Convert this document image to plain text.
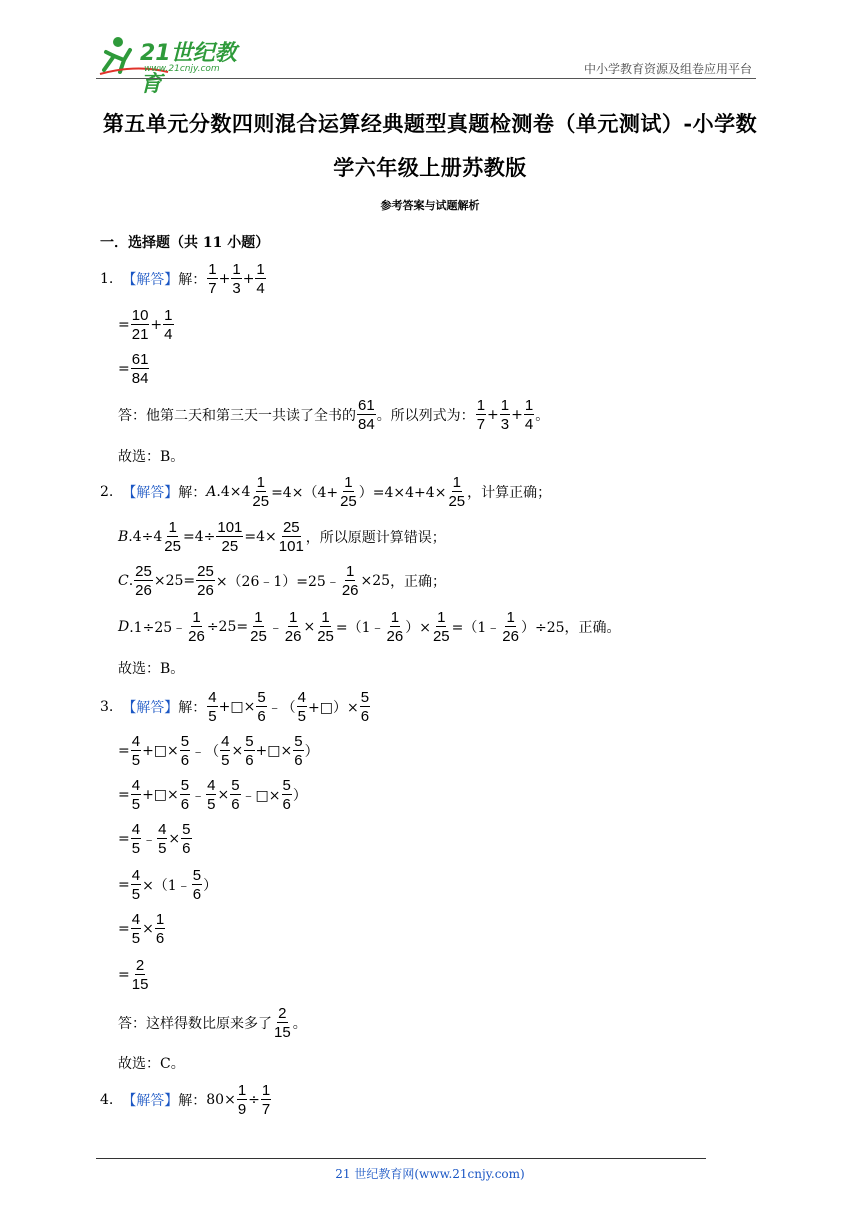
21世纪教育
www.21cnjy.com	中小学教育资源及组卷应用平台
第五单元分数四则混合运算经典题型真题检测卷（单元测试）-小学数
学六年级上册苏教版
参考答案与试题解析
一．选择题（共 11 小题）
1.
【解答】 解： $\frac{1}{7} + \frac{1}{3} + \frac{1}{4}$
= $\frac{10}{21} + \frac{1}{4}$
= $\frac{61}{84}$
答：他第二天和第三天一共读了全书的 $\frac{61}{84}$ 。所以列式为： $\frac{1}{7} + \frac{1}{3} + \frac{1}{4}$ 。
故选：B。
2.
【解答】 解： A $.4\times 4 \frac{1}{25} =4\times(4+ \frac{1}{25} )=4\times 4+4\times \frac{1}{25}$ ，计算正确；
B $.4\div 4 \frac{1}{25} =4\div \frac{101}{25} =4\times \frac{25}{101}$ ，所以原题计算错误；
C . $\frac{25}{26} \times 25= \frac{25}{26}$ ×（26﹣1）=25﹣ $\frac{1}{26} \times 25$ ，正确；
D .1÷25﹣ $\frac{1}{26} \div 25= \frac{1}{25}$ ﹣ $\frac{1}{26} \times \frac{1}{25}$ =（1﹣ $\frac{1}{26}$ ）× $\frac{1}{25}$ =（1﹣ $\frac{1}{26} )\div 25$ ，正确。
故选：B。
3.
【解答】 解： $\frac{4}{5}$ +□× $\frac{5}{6}$ ﹣（ $\frac{4}{5}$ +□）× $\frac{5}{6}$
= $\frac{4}{5}$ +□× $\frac{5}{6}$ ﹣（ $\frac{4}{5} \times \frac{5}{6}$ +□× $\frac{5}{6}$ ）
= $\frac{4}{5}$ +□× $\frac{5}{6}$ ﹣ $\frac{4}{5} \times \frac{5}{6}$ ﹣□× $\frac{5}{6}$ ）
= $\frac{4}{5}$ ﹣ $\frac{4}{5} \times \frac{5}{6}$
= $\frac{4}{5}$ ×（1﹣ $\frac{5}{6}$ ）
= $\frac{4}{5} \times \frac{1}{6}$
= $\frac{2}{15}$
答：这样得数比原来多了 $\frac{2}{15}$ 。
故选：C。
4.
【解答】 解： $80\times \frac{1}{9} \div \frac{1}{7}$
21 世纪教育网(www.21cnjy.com)
